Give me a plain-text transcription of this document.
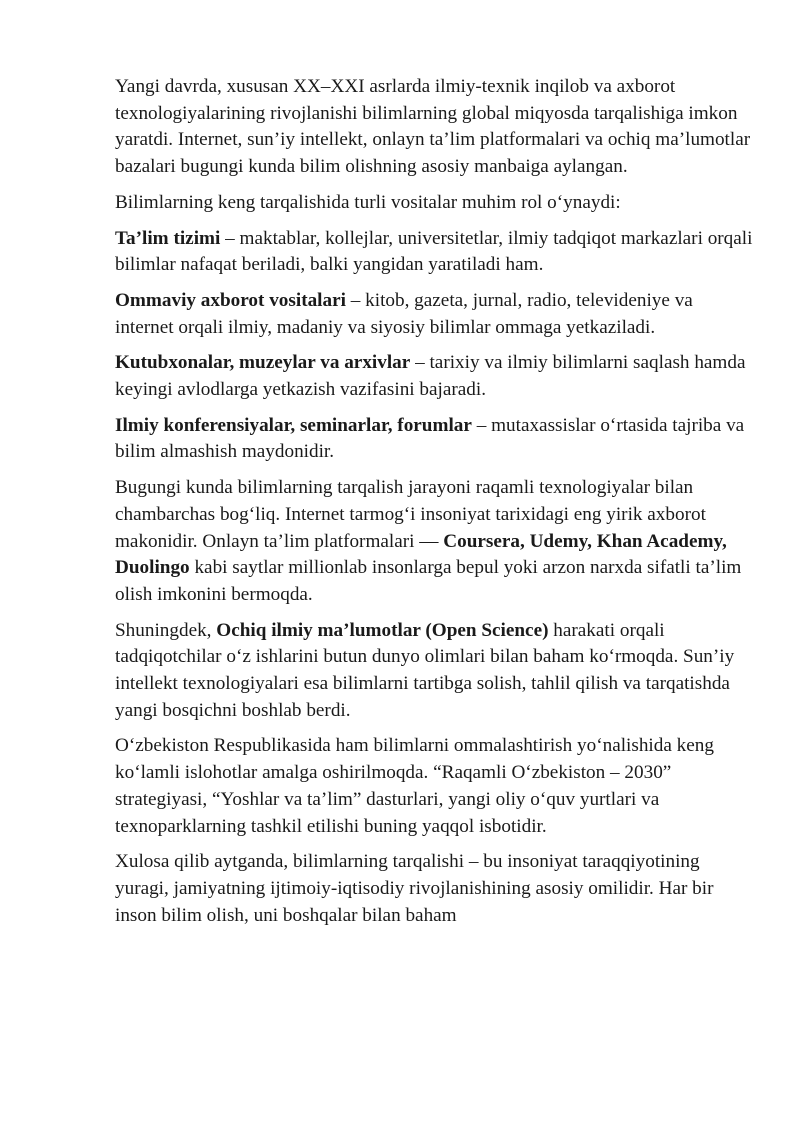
Yangi davrda, xususan XX–XXI asrlarda ilmiy-texnik inqilob va axborot texnologiyalarining rivojlanishi bilimlarning global miqyosda tarqalishiga imkon yaratdi. Internet, sun’iy intellekt, onlayn ta’lim platformalari va ochiq ma’lumotlar bazalari bugungi kunda bilim olishning asosiy manbaiga aylangan.

Bilimlarning keng tarqalishida turli vositalar muhim rol o‘ynaydi:

Ta’lim tizimi – maktablar, kollejlar, universitetlar, ilmiy tadqiqot markazlari orqali bilimlar nafaqat beriladi, balki yangidan yaratiladi ham.

Ommaviy axborot vositalari – kitob, gazeta, jurnal, radio, televideniye va internet orqali ilmiy, madaniy va siyosiy bilimlar ommaga yetkaziladi.

Kutubxonalar, muzeylar va arxivlar – tarixiy va ilmiy bilimlarni saqlash hamda keyingi avlodlarga yetkazish vazifasini bajaradi.

Ilmiy konferensiyalar, seminarlar, forumlar – mutaxassislar o‘rtasida tajriba va bilim almashish maydonidir.

Bugungi kunda bilimlarning tarqalish jarayoni raqamli texnologiyalar bilan chambarchas bog‘liq. Internet tarmog‘i insoniyat tarixidagi eng yirik axborot makonidir. Onlayn ta’lim platformalari — Coursera, Udemy, Khan Academy, Duolingo kabi saytlar millionlab insonlarga bepul yoki arzon narxda sifatli ta’lim olish imkonini bermoqda.

Shuningdek, Ochiq ilmiy ma’lumotlar (Open Science) harakati orqali tadqiqotchilar o‘z ishlarini butun dunyo olimlari bilan baham ko‘rmoqda. Sun’iy intellekt texnologiyalari esa bilimlarni tartibga solish, tahlil qilish va tarqatishda yangi bosqichni boshlab berdi.

O‘zbekiston Respublikasida ham bilimlarni ommalashtirish yo‘nalishida keng ko‘lamli islohotlar amalga oshirilmoqda. “Raqamli O‘zbekiston – 2030” strategiyasi, “Yoshlar va ta’lim” dasturlari, yangi oliy o‘quv yurtlari va texnoparklarning tashkil etilishi buning yaqqol isbotidir.

Xulosa qilib aytganda, bilimlarning tarqalishi – bu insoniyat taraqqiyotining yuragi, jamiyatning ijtimoiy-iqtisodiy rivojlanishining asosiy omilidir. Har bir inson bilim olish, uni boshqalar bilan baham
